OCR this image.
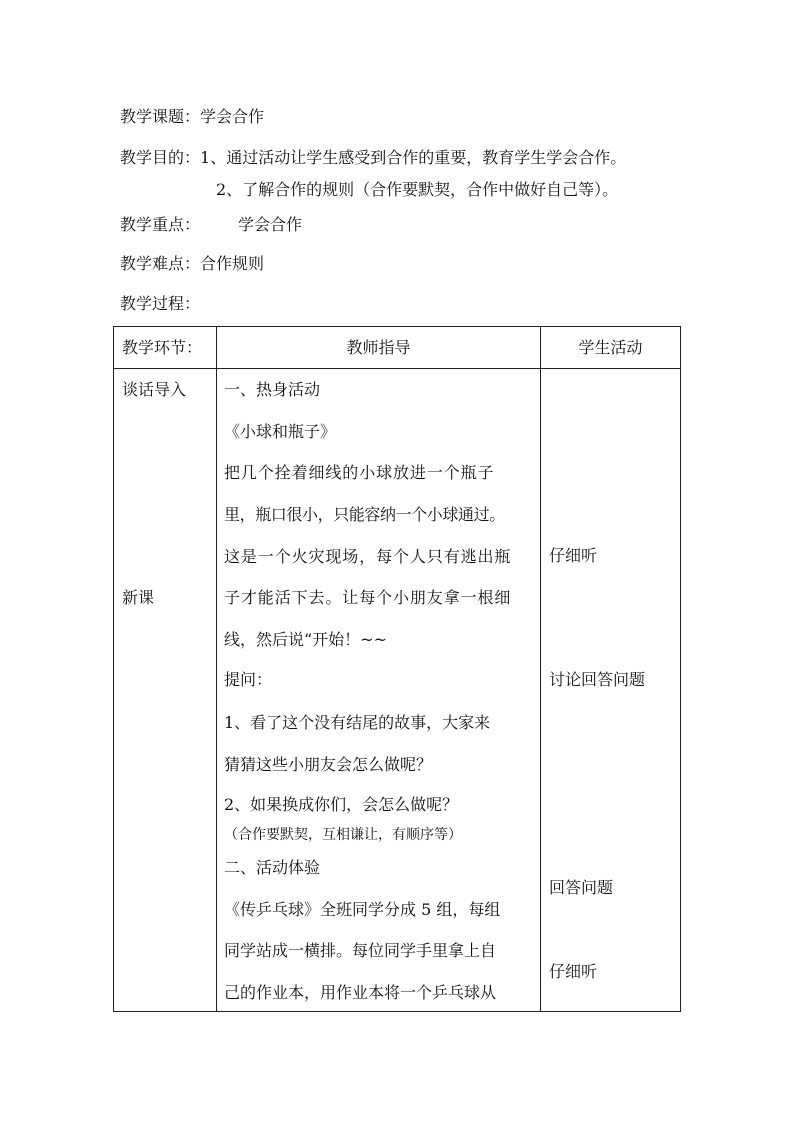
教学课题：学会合作
教学目的：1、通过活动让学生感受到合作的重要，教育学生学会合作。
2、了解合作的规则（合作要默契，合作中做好自己等）。
教学重点： 学会合作
教学难点：合作规则
教学过程：
教学环节：	教师指导	学生活动
谈话导入
新课
一、热身活动
《小球和瓶子》
把几个拴着细线的小球放进一个瓶子
里，瓶口很小，只能容纳一个小球通过。
这是一个火灾现场，每个人只有逃出瓶
子才能活下去。让每个小朋友拿一根细
线，然后说“开始！~~
提问：
1、看了这个没有结尾的故事，大家来
猜猜这些小朋友会怎么做呢？
2、如果换成你们，会怎么做呢？
（合作要默契，互相谦让，有顺序等）
二、活动体验
《传乒乓球》全班同学分成 5 组，每组
同学站成一横排。每位同学手里拿上自
己的作业本，用作业本将一个乒乓球从
仔细听
讨论回答问题
回答问题
仔细听
